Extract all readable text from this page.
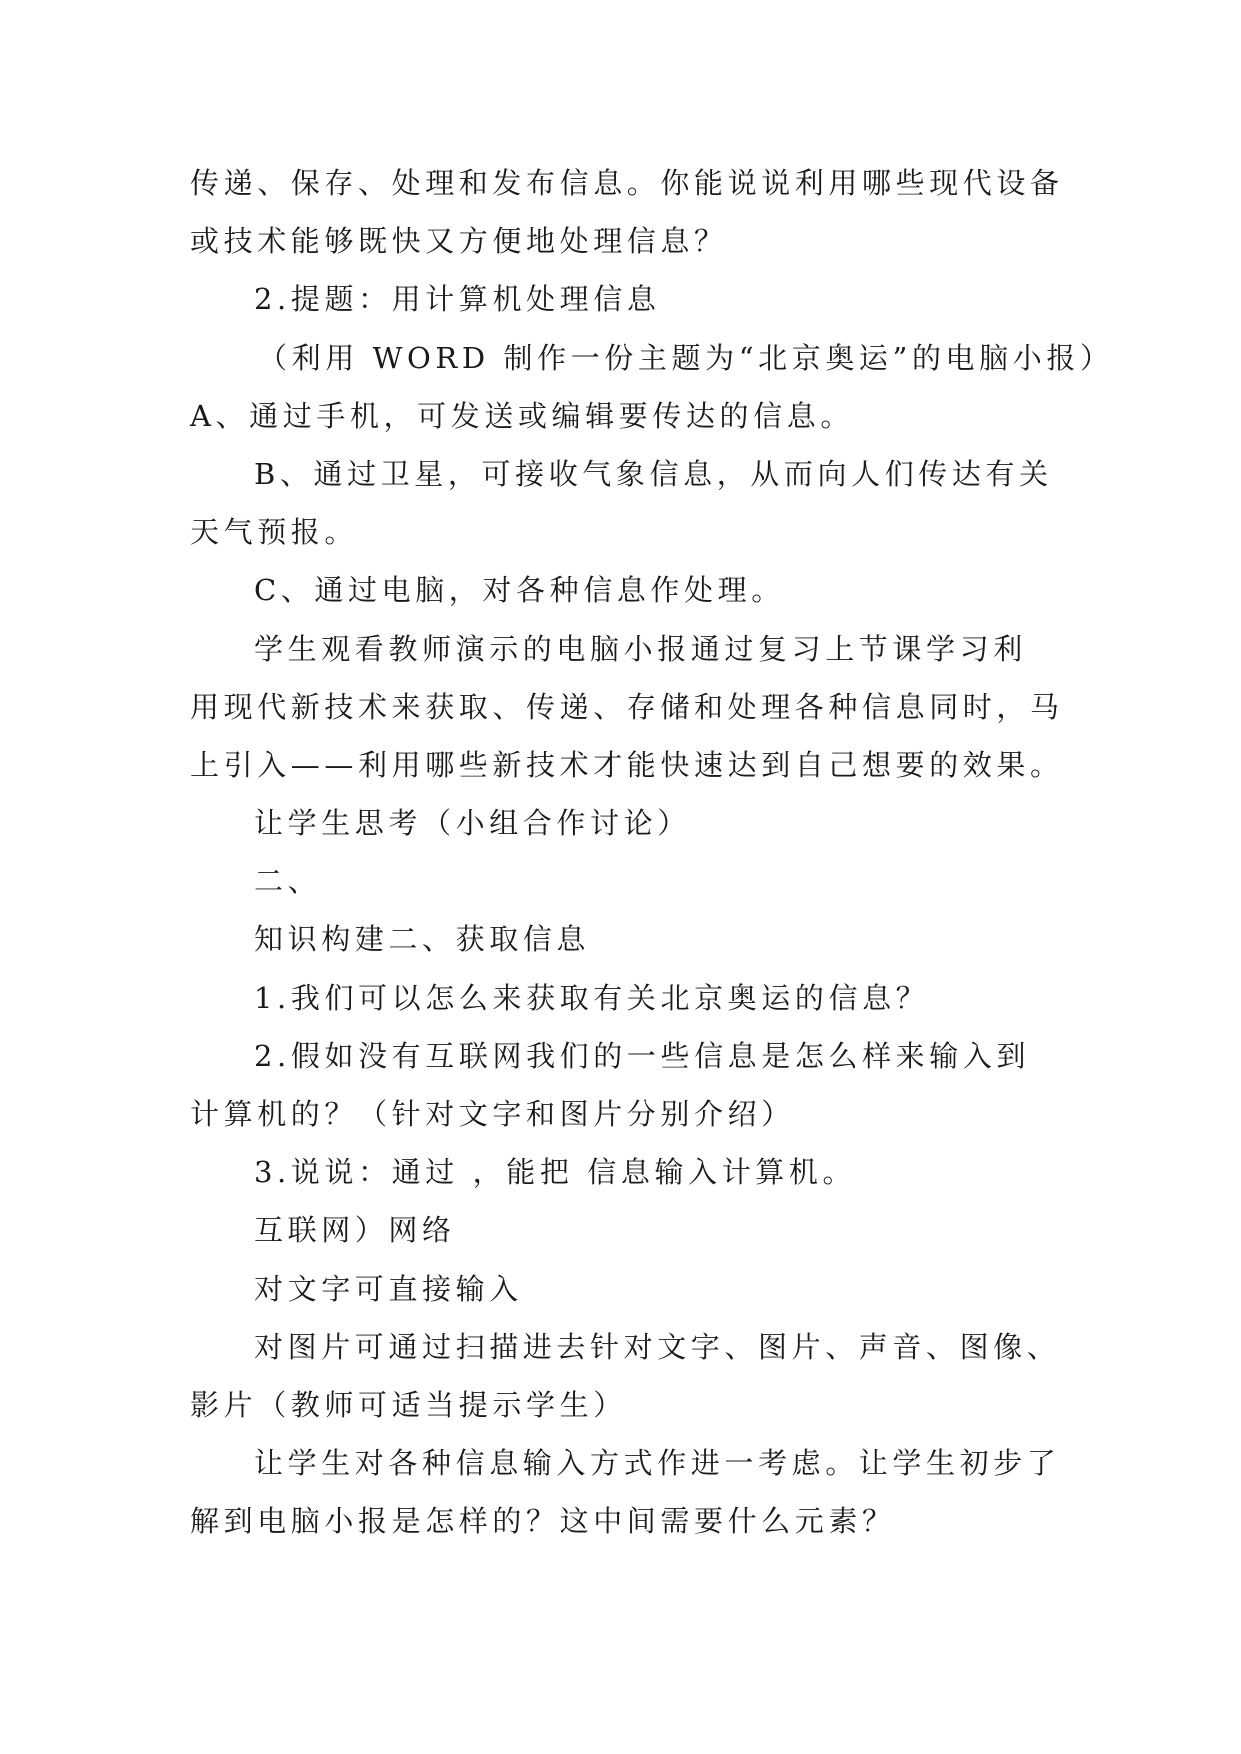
传递、保存、处理和发布信息。你能说说利用哪些现代设备
或技术能够既快又方便地处理信息？
2.提题：用计算机处理信息
（利用 WORD 制作一份主题为“北京奥运”的电脑小报）
A、通过手机，可发送或编辑要传达的信息。
B、通过卫星，可接收气象信息，从而向人们传达有关
天气预报。
C、通过电脑，对各种信息作处理。
学生观看教师演示的电脑小报通过复习上节课学习利
用现代新技术来获取、传递、存储和处理各种信息同时，马
上引入——利用哪些新技术才能快速达到自己想要的效果。
让学生思考（小组合作讨论）
二、
知识构建二、获取信息
1.我们可以怎么来获取有关北京奥运的信息？
2.假如没有互联网我们的一些信息是怎么样来输入到
计算机的？（针对文字和图片分别介绍）
3.说说：通过 ，能把 信息输入计算机。
互联网）网络
对文字可直接输入
对图片可通过扫描进去针对文字、图片、声音、图像、
影片（教师可适当提示学生）
让学生对各种信息输入方式作进一考虑。让学生初步了
解到电脑小报是怎样的？这中间需要什么元素？
